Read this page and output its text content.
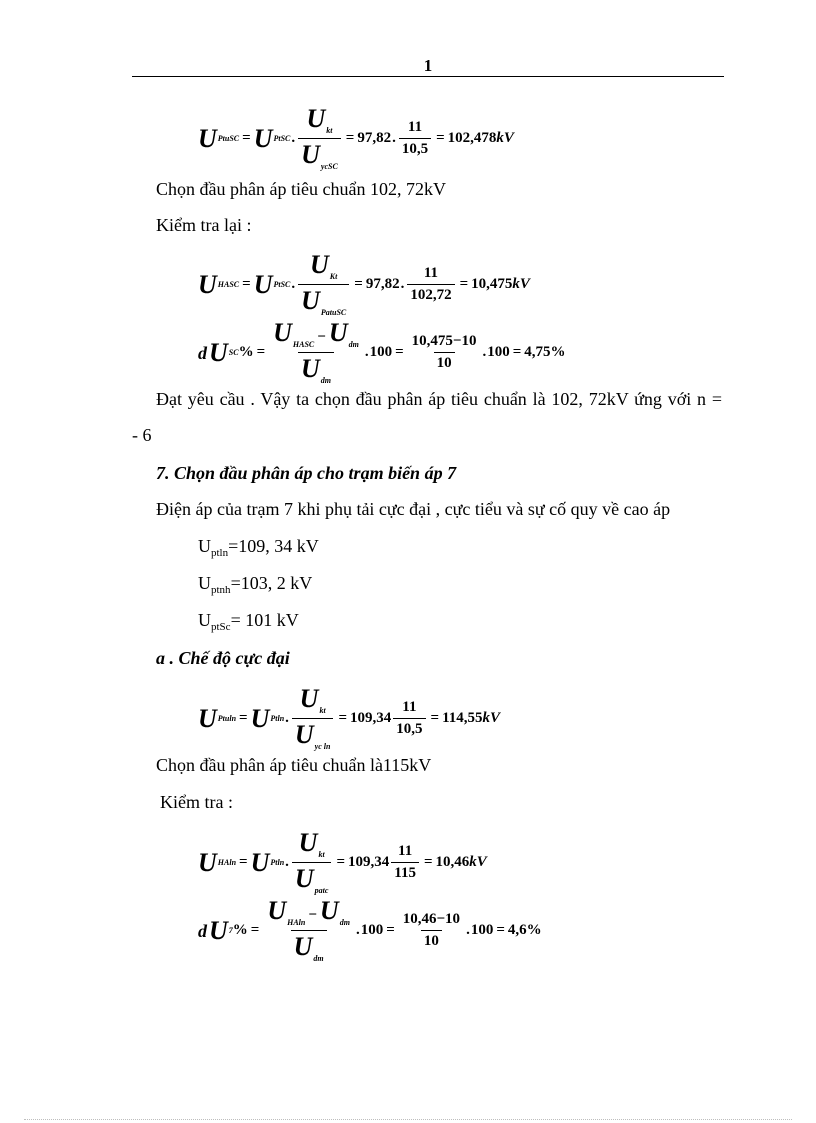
1
U PtuSC = U PtSC . $\frac{U_{kt}}{U_{ycSC}} = 97,82$ . $\frac{11}{10,5} = 102,478$ kV
Chọn đầu phân áp tiêu chuẩn 102, 72kV
Kiểm tra lại :
U HASC = U PtSC . $\frac{U_{Kt}}{U_{PatuSC}} = 97,82$ . $\frac{11}{102,72} = 10,475$ kV
d U SC % = $\frac{U_{HASC} - U_{dm}}{U_{dm}}$ . $100 = \frac{10,475-10}{10}$ . 100 = 4,75%
Đạt yêu cầu . Vậy ta chọn đầu phân áp tiêu chuẩn là 102, 72kV ứng với n =
- 6
7. Chọn đầu phân áp cho trạm biến áp 7
Điện áp của trạm 7 khi phụ tải cực đại , cực tiểu và sự cố quy về cao áp
$U_{ptln}=109$, 34 kV
$U_{ptnh}=103$, 2 kV
$U_{ptSc}= 101$ kV
a . Chế độ cực đại
U Ptuln = U Ptln . $\frac{U_{kt}}{U_{yc ln}} = 109,34 \frac{11}{10,5} = 114,55$ kV
Chọn đầu phân áp tiêu chuẩn là115kV
Kiểm tra :
U HAln = U Ptln . $\frac{U_{kt}}{U_{patc}} = 109,34 \frac{11}{115} = 10,46$ kV
d U 7 % = $\frac{U_{HAln} - U_{dm}}{U_{dm}}$ . $100 = \frac{10,46-10}{10}$ . 100 = 4,6%
